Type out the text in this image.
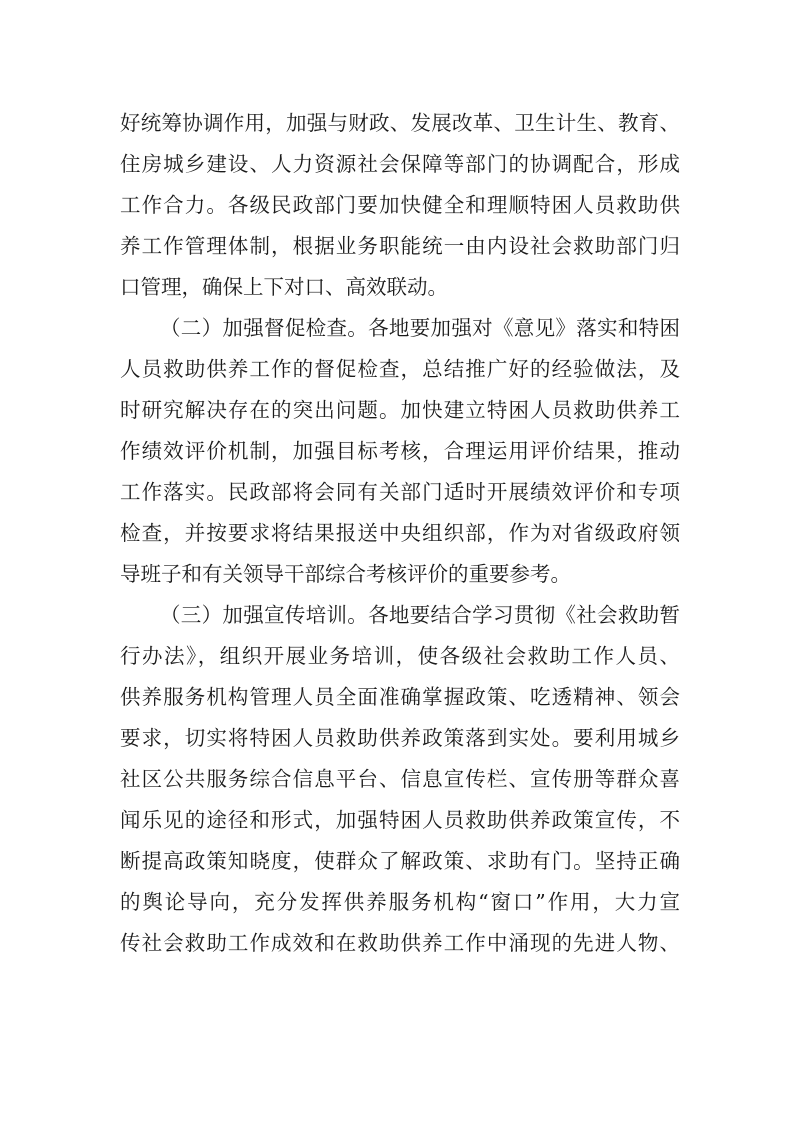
好统筹协调作用，加强与财政、发展改革、卫生计生、教育、
住房城乡建设、人力资源社会保障等部门的协调配合，形成
工作合力。各级民政部门要加快健全和理顺特困人员救助供
养工作管理体制，根据业务职能统一由内设社会救助部门归
口管理，确保上下对口、高效联动。
（二）加强督促检查。各地要加强对《意见》落实和特困
人员救助供养工作的督促检查，总结推广好的经验做法，及
时研究解决存在的突出问题。加快建立特困人员救助供养工
作绩效评价机制，加强目标考核，合理运用评价结果，推动
工作落实。民政部将会同有关部门适时开展绩效评价和专项
检查，并按要求将结果报送中央组织部，作为对省级政府领
导班子和有关领导干部综合考核评价的重要参考。
（三）加强宣传培训。各地要结合学习贯彻《社会救助暂
行办法》，组织开展业务培训，使各级社会救助工作人员、
供养服务机构管理人员全面准确掌握政策、吃透精神、领会
要求，切实将特困人员救助供养政策落到实处。要利用城乡
社区公共服务综合信息平台、信息宣传栏、宣传册等群众喜
闻乐见的途径和形式，加强特困人员救助供养政策宣传，不
断提高政策知晓度，使群众了解政策、求助有门。坚持正确
的舆论导向，充分发挥供养服务机构“窗口”作用，大力宣
传社会救助工作成效和在救助供养工作中涌现的先进人物、
